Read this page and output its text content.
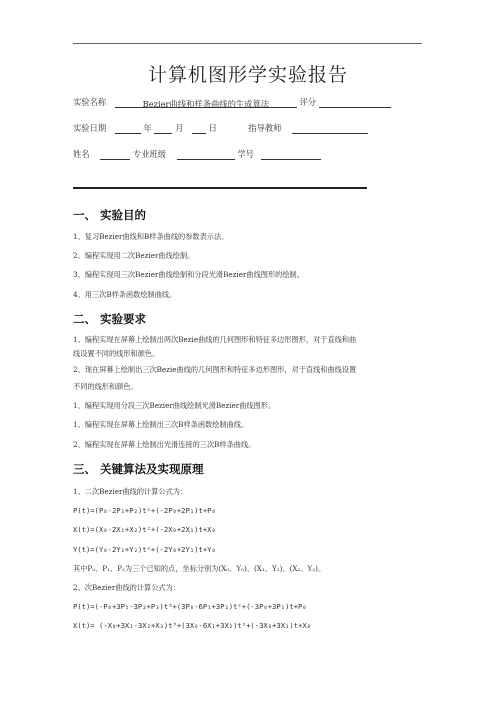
计算机图形学实验报告
实验名称	Bezier曲线和样条曲线的生成算法	评分
实验日期	年	月	日	指导教师
姓名	专业班级	学号
一、 实验目的
1、复习Bezier曲线和B样条曲线的参数表示法。
2、编程实现用二次Bezier曲线绘制。
3、编程实现用三次Bezier曲线绘制和分段光滑Bezier曲线图形的绘制。
4、用三次B样条函数绘制曲线。
二、 实验要求
1、编程实现在屏幕上绘制出两次Bezie曲线的几何图形和特征多边形图形，对于直线和曲
线设置不同的线形和颜色。
2、现在屏幕上绘制出三次Bezie曲线的几何图形和特征多边形图形，对于直线和曲线设置
不同的线形和颜色。
1、编程实现用分段三次Bezier曲线绘制光滑Bezier曲线图形。
1、编程实现在屏幕上绘制出三次B样条函数绘制曲线。
2、编程实现在屏幕上绘制出光滑连接的三次B样条曲线。
三、 关键算法及实现原理
1、二次Bezier曲线的计算公式为：
P(t)=(P₀-2P₁+P₂)t²+(-2P₀+2P₁)t+P₀
X(t)=(X₀-2X₁+X₂)t²+(-2X₀+2X₁)t+X₀
Y(t)=(Y₀-2Y₁+Y₂)t²+(-2Y₀+2Y₁)t+Y₀
其中P₀、P₁、P₂为三个已知的点，坐标分别为(X₀、Y₀)、(X₁、Y₁)、(X₂、Y₂)。
2、次Bezier曲线的计算公式为：
P(t)=(-P₀+3P₁-3P₂+P₃)t³+(3P₀-6P₁+3P₂)t²+(-3P₀+3P₁)t+P₀
X(t)= (-X₀+3X₁-3X₂+X₃)t³+(3X₀-6X₁+3X₂)t²+(-3X₀+3X₁)t+X₀
